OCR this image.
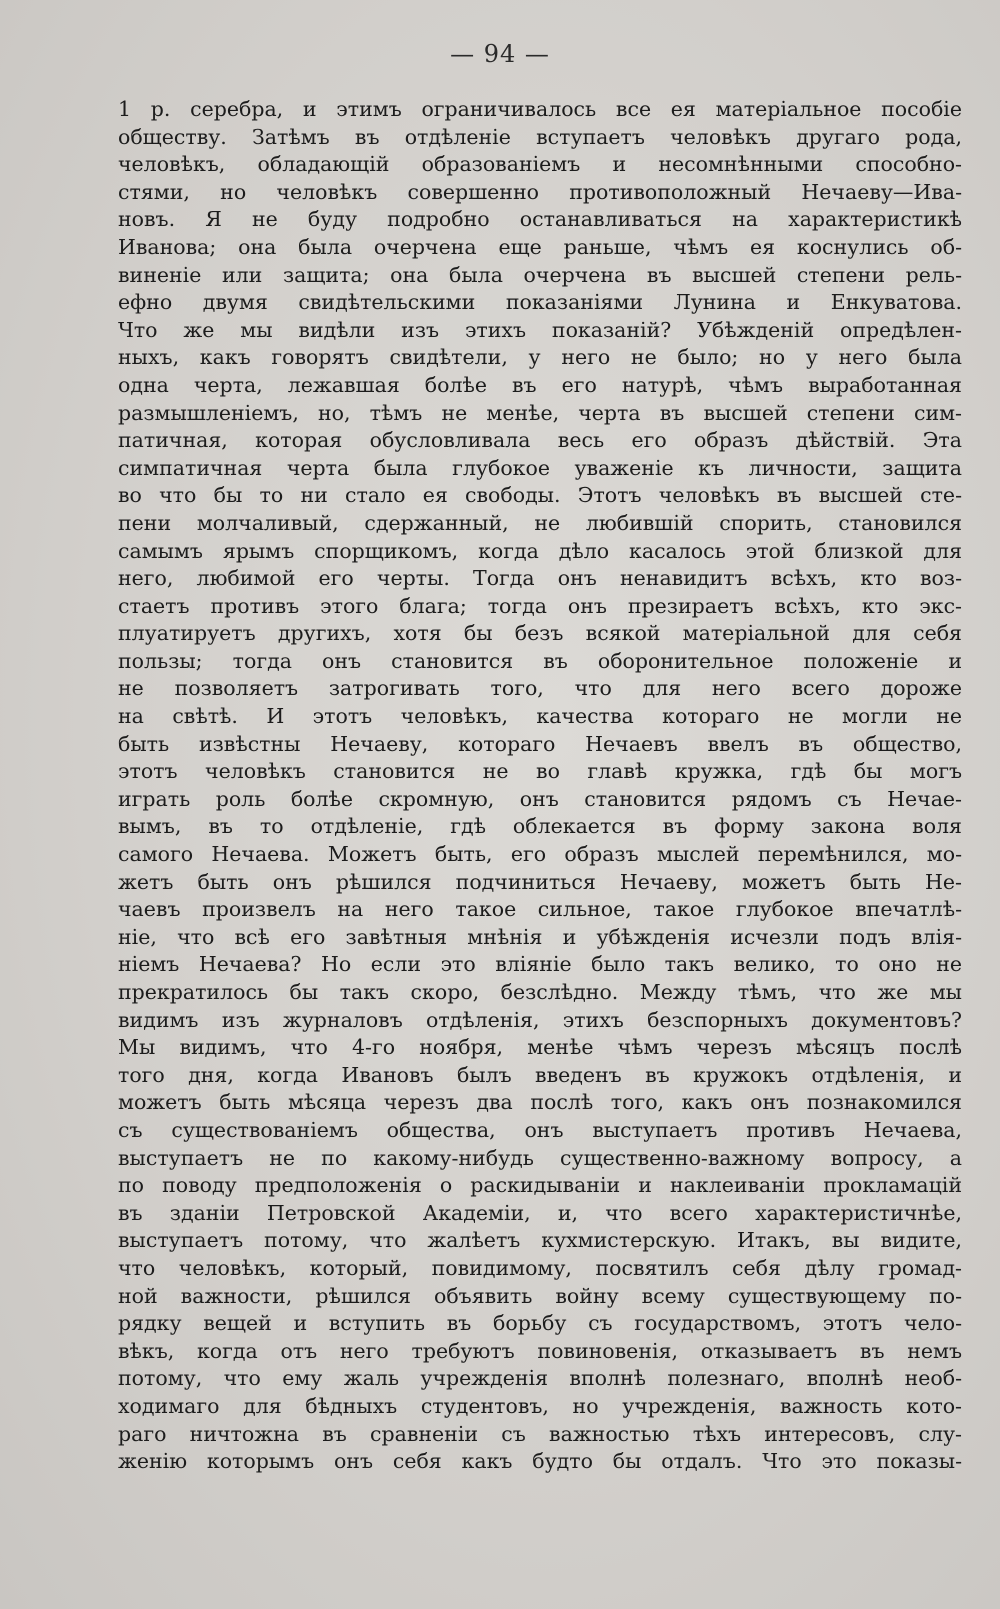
— 94 —
1 р. серебра, и этимъ ограничивалось все ея матеріальное пособіе
обществу. Затѣмъ въ отдѣленіе вступаетъ человѣкъ другаго рода,
человѣкъ, обладающій образованіемъ и несомнѣнными способно-
стями, но человѣкъ совершенно противоположный Нечаеву—Ива-
новъ. Я не буду подробно останавливаться на характеристикѣ
Иванова; она была очерчена еще раньше, чѣмъ ея коснулись об-
виненіе или защита; она была очерчена въ высшей степени рель-
ефно двумя свидѣтельскими показаніями Лунина и Енкуватова.
Что же мы видѣли изъ этихъ показаній? Убѣжденій опредѣлен-
ныхъ, какъ говорятъ свидѣтели, у него не было; но у него была
одна черта, лежавшая болѣе въ его натурѣ, чѣмъ выработанная
размышленіемъ, но, тѣмъ не менѣе, черта въ высшей степени сим-
патичная, которая обусловливала весь его образъ дѣйствій. Эта
симпатичная черта была глубокое уваженіе къ личности, защита
во что бы то ни стало ея свободы. Этотъ человѣкъ въ высшей сте-
пени молчаливый, сдержанный, не любившій спорить, становился
самымъ ярымъ спорщикомъ, когда дѣло касалось этой близкой для
него, любимой его черты. Тогда онъ ненавидитъ всѣхъ, кто воз-
стаетъ противъ этого блага; тогда онъ презираетъ всѣхъ, кто экс-
плуатируетъ другихъ, хотя бы безъ всякой матеріальной для себя
пользы; тогда онъ становится въ оборонительное положеніе и
не позволяетъ затрогивать того, что для него всего дороже
на свѣтѣ. И этотъ человѣкъ, качества котораго не могли не
быть извѣстны Нечаеву, котораго Нечаевъ ввелъ въ общество,
этотъ человѣкъ становится не во главѣ кружка, гдѣ бы могъ
играть роль болѣе скромную, онъ становится рядомъ съ Нечае-
вымъ, въ то отдѣленіе, гдѣ облекается въ форму закона воля
самого Нечаева. Можетъ быть, его образъ мыслей перемѣнился, мо-
жетъ быть онъ рѣшился подчиниться Нечаеву, можетъ быть Не-
чаевъ произвелъ на него такое сильное, такое глубокое впечатлѣ-
ніе, что всѣ его завѣтныя мнѣнія и убѣжденія исчезли подъ влія-
ніемъ Нечаева? Но если это вліяніе было такъ велико, то оно не
прекратилось бы такъ скоро, безслѣдно. Между тѣмъ, что же мы
видимъ изъ журналовъ отдѣленія, этихъ безспорныхъ документовъ?
Мы видимъ, что 4-го ноября, менѣе чѣмъ черезъ мѣсяцъ послѣ
того дня, когда Ивановъ былъ введенъ въ кружокъ отдѣленія, и
можетъ быть мѣсяца черезъ два послѣ того, какъ онъ познакомился
съ существованіемъ общества, онъ выступаетъ противъ Нечаева,
выступаетъ не по какому-нибудь существенно-важному вопросу, а
по поводу предположенія о раскидываніи и наклеиваніи прокламацій
въ зданіи Петровской Академіи, и, что всего характеристичнѣе,
выступаетъ потому, что жалѣетъ кухмистерскую. Итакъ, вы видите,
что человѣкъ, который, повидимому, посвятилъ себя дѣлу громад-
ной важности, рѣшился объявить войну всему существующему по-
рядку вещей и вступить въ борьбу съ государствомъ, этотъ чело-
вѣкъ, когда отъ него требуютъ повиновенія, отказываетъ въ немъ
потому, что ему жаль учрежденія вполнѣ полезнаго, вполнѣ необ-
ходимаго для бѣдныхъ студентовъ, но учрежденія, важность кото-
раго ничтожна въ сравненіи съ важностью тѣхъ интересовъ, слу-
женію которымъ онъ себя какъ будто бы отдалъ. Что это показы-
